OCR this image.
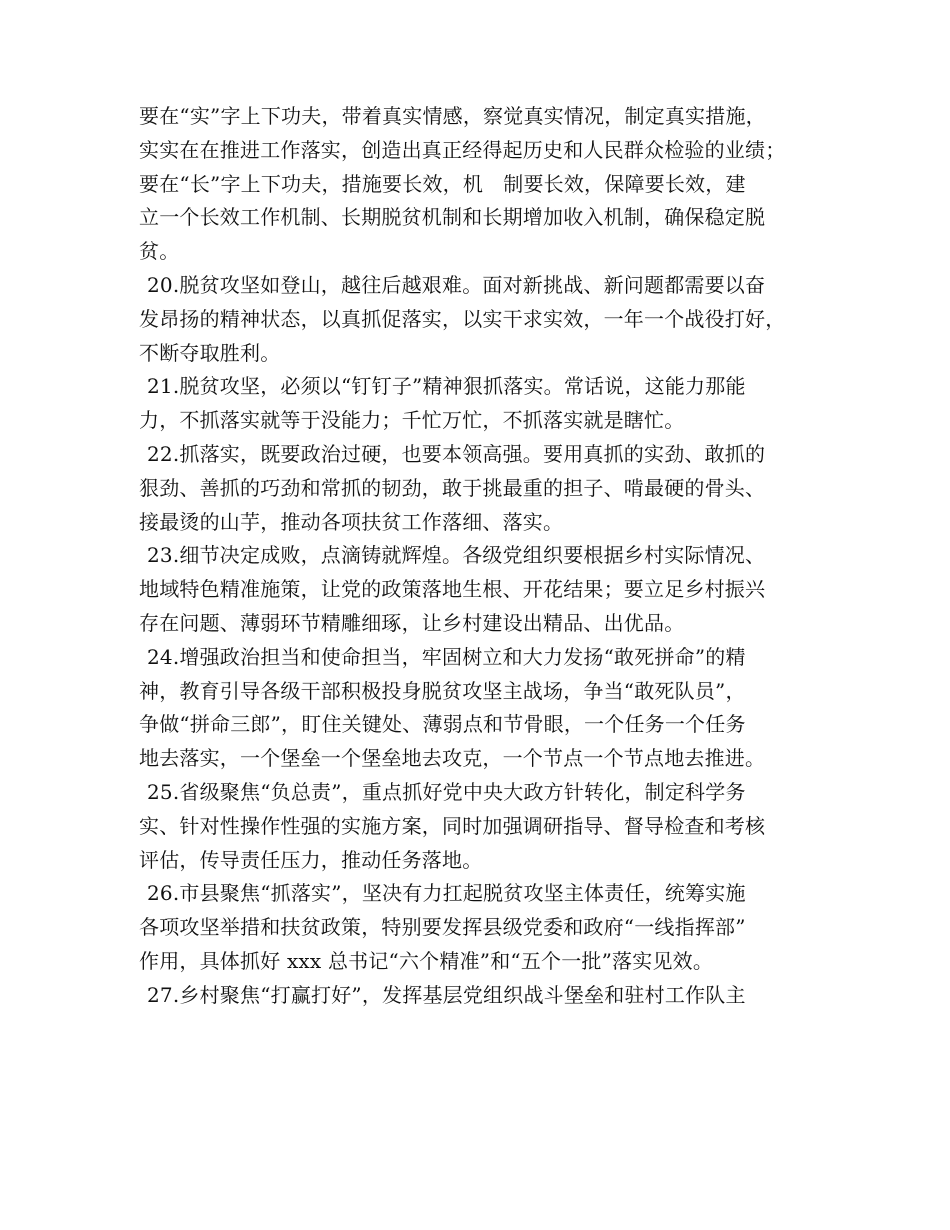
要在“实”字上下功夫，带着真实情感，察觉真实情况，制定真实措施，
实实在在推进工作落实，创造出真正经得起历史和人民群众检验的业绩；
要在“长”字上下功夫，措施要长效，机　制要长效，保障要长效，建
立一个长效工作机制、长期脱贫机制和长期增加收入机制，确保稳定脱
贫。
20.脱贫攻坚如登山，越往后越艰难。面对新挑战、新问题都需要以奋
发昂扬的精神状态，以真抓促落实，以实干求实效，一年一个战役打好，
不断夺取胜利。
21.脱贫攻坚，必须以“钉钉子”精神狠抓落实。常话说，这能力那能
力，不抓落实就等于没能力；千忙万忙，不抓落实就是瞎忙。
22.抓落实，既要政治过硬，也要本领高强。要用真抓的实劲、敢抓的
狠劲、善抓的巧劲和常抓的韧劲，敢于挑最重的担子、啃最硬的骨头、
接最烫的山芋，推动各项扶贫工作落细、落实。
23.细节决定成败，点滴铸就辉煌。各级党组织要根据乡村实际情况、
地域特色精准施策，让党的政策落地生根、开花结果；要立足乡村振兴
存在问题、薄弱环节精雕细琢，让乡村建设出精品、出优品。
24.增强政治担当和使命担当，牢固树立和大力发扬“敢死拼命”的精
神，教育引导各级干部积极投身脱贫攻坚主战场，争当“敢死队员”，
争做“拼命三郎”，盯住关键处、薄弱点和节骨眼，一个任务一个任务
地去落实，一个堡垒一个堡垒地去攻克，一个节点一个节点地去推进。
25.省级聚焦“负总责”，重点抓好党中央大政方针转化，制定科学务
实、针对性操作性强的实施方案，同时加强调研指导、督导检查和考核
评估，传导责任压力，推动任务落地。
26.市县聚焦“抓落实”，坚决有力扛起脱贫攻坚主体责任，统筹实施
各项攻坚举措和扶贫政策，特别要发挥县级党委和政府“一线指挥部”
作用，具体抓好 xxx 总书记“六个精准”和“五个一批”落实见效。
27.乡村聚焦“打赢打好”，发挥基层党组织战斗堡垒和驻村工作队主
